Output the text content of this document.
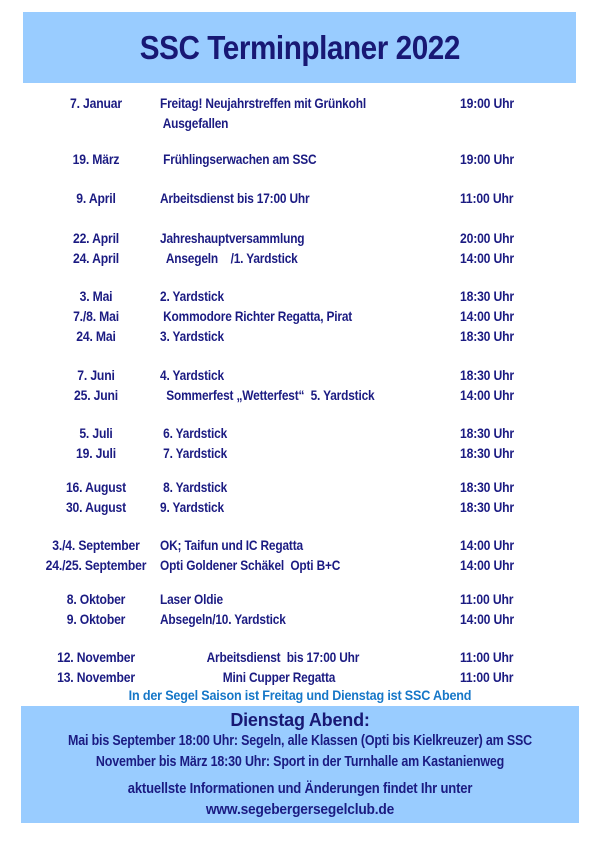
SSC Terminplaner 2022
7. Januar	Freitag! Neujahrstreffen mit Grünkohl	19:00 Uhr
Ausgefallen
19. März	Frühlingserwachen am SSC	19:00 Uhr
9. April	Arbeitsdienst bis 17:00 Uhr	11:00 Uhr
22. April	Jahreshauptversammlung	20:00 Uhr
24. April	Ansegeln    /1. Yardstick	14:00 Uhr
3. Mai	2. Yardstick	18:30 Uhr
7./8. Mai	Kommodore Richter Regatta, Pirat	14:00 Uhr
24. Mai	3. Yardstick	18:30 Uhr
7. Juni	4. Yardstick	18:30 Uhr
25. Juni	Sommerfest „Wetterfest“  5. Yardstick	14:00 Uhr
5. Juli	6. Yardstick	18:30 Uhr
19. Juli	7. Yardstick	18:30 Uhr
16. August	8. Yardstick	18:30 Uhr
30. August	9. Yardstick	18:30 Uhr
3./4. September	OK; Taifun und IC Regatta	14:00 Uhr
24./25. September Opti Goldener Schäkel  Opti B+C	14:00 Uhr
8. Oktober	Laser Oldie	11:00 Uhr
9. Oktober	Absegeln/10. Yardstick	14:00 Uhr
12. November	Arbeitsdienst  bis 17:00 Uhr	11:00 Uhr
13. November	Mini Cupper Regatta	11:00 Uhr
In der Segel Saison ist Freitag und Dienstag ist SSC Abend
Dienstag Abend:
Mai bis September 18:00 Uhr: Segeln, alle Klassen (Opti bis Kielkreuzer) am SSC
November bis März 18:30 Uhr: Sport in der Turnhalle am Kastanienweg
aktuellste Informationen und Änderungen findet Ihr unter
www.segebergersegelclub.de
